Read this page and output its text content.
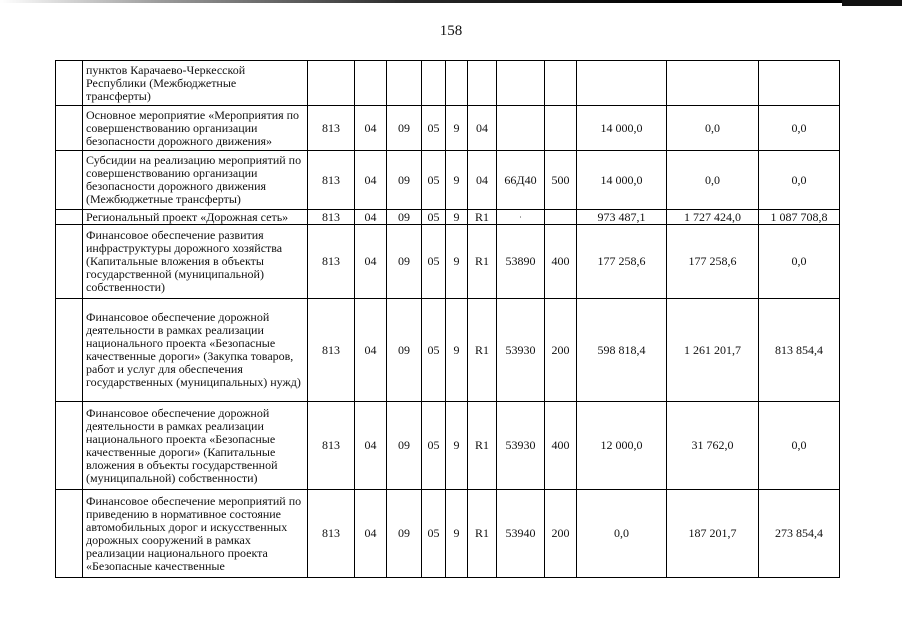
158
	пунктов Карачаево-Черкесской Республики (Межбюджетные трансферты)											
	Основное мероприятие «Мероприятия по совершенствованию организации безопасности дорожного движения»	813	04	09	05	9	04			14 000,0	0,0	0,0
	Субсидии на реализацию мероприятий по совершенствованию организации безопасности дорожного движения (Межбюджетные трансферты)	813	04	09	05	9	04	66Д40	500	14 000,0	0,0	0,0
	Региональный проект «Дорожная сеть»	813	04	09	05	9	R1	·		973 487,1	1 727 424,0	1 087 708,8
	Финансовое обеспечение развития инфраструктуры дорожного хозяйства (Капитальные вложения в объекты государственной (муниципальной) собственности)	813	04	09	05	9	R1	53890	400	177 258,6	177 258,6	0,0
	Финансовое обеспечение дорожной деятельности в рамках реализации национального проекта «Безопасные качественные дороги» (Закупка товаров, работ и услуг для обеспечения государственных (муниципальных) нужд)	813	04	09	05	9	R1	53930	200	598 818,4	1 261 201,7	813 854,4
	Финансовое обеспечение дорожной деятельности в рамках реализации национального проекта «Безопасные качественные дороги» (Капитальные вложения в объекты государственной (муниципальной) собственности)	813	04	09	05	9	R1	53930	400	12 000,0	31 762,0	0,0
	Финансовое обеспечение мероприятий по приведению в нормативное состояние автомобильных дорог и искусственных дорожных сооружений в рамках реализации национального проекта «Безопасные качественные	813	04	09	05	9	R1	53940	200	0,0	187 201,7	273 854,4
